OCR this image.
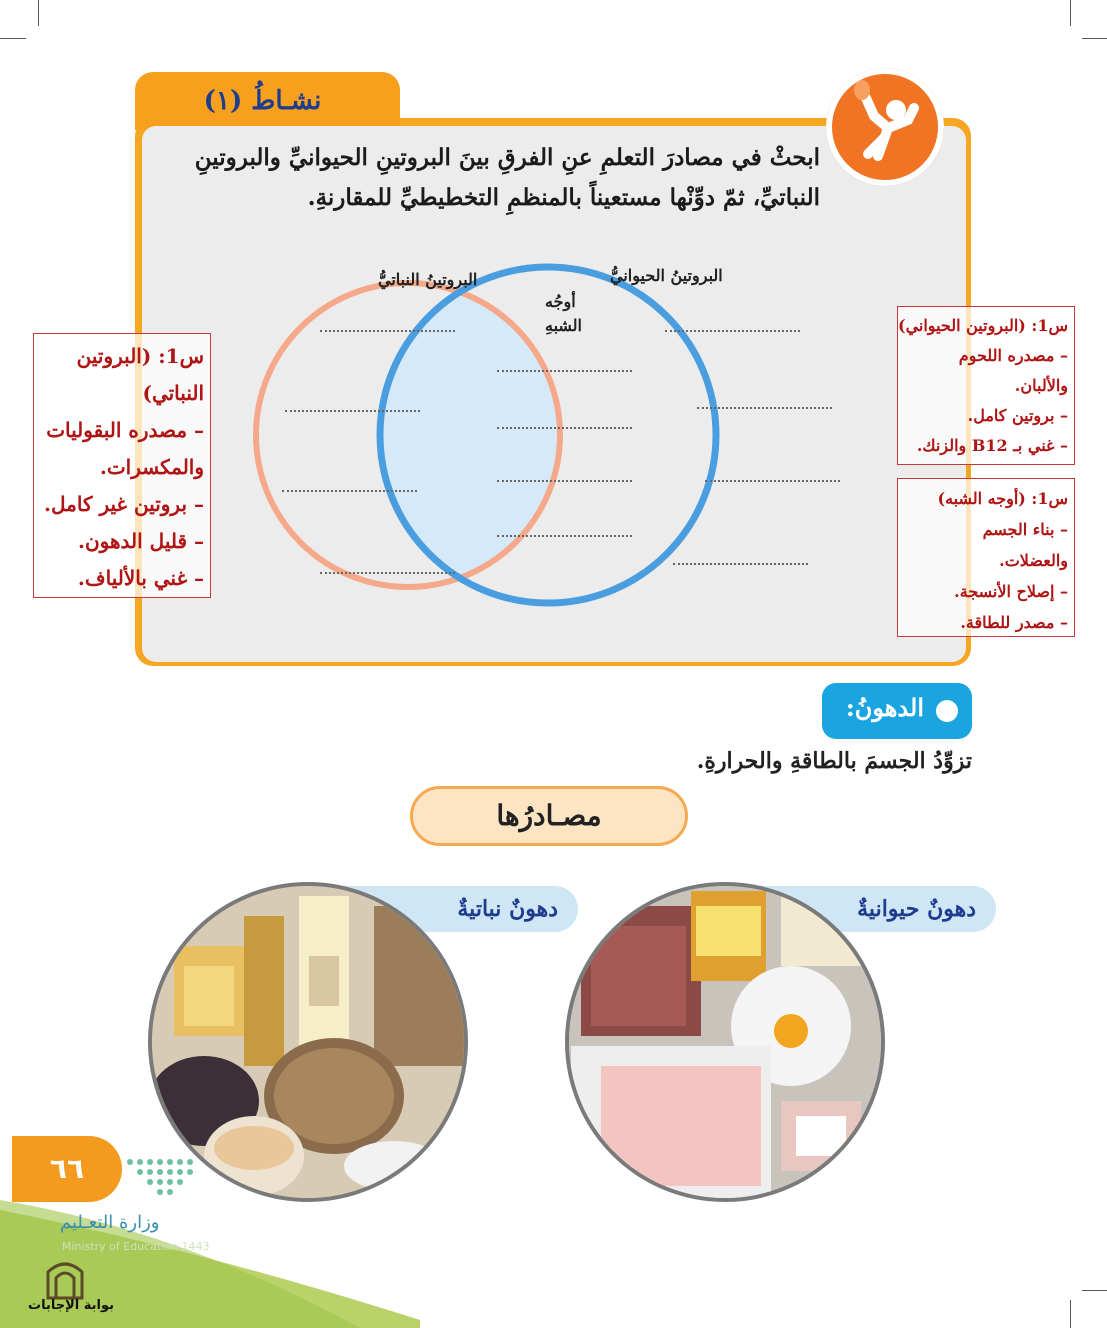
نشـاطُ (١)
ابحثْ في مصادرَ التعلمِ عنِ الفرقِ بينَ البروتينِ الحيوانيِّ والبروتينِ
النباتيِّ، ثمّ دوِّنْها مستعيناً بالمنظمِ التخطيطيِّ للمقارنةِ.
البروتينُ النباتيُّ	البروتينُ الحيوانيُّ
أوجُه
الشبهِ
س1: (البروتين
النباتي)
– مصدره البقوليات
والمكسرات.
– بروتين غير كامل.
– قليل الدهون.
– غني بالألياف.
س1: (البروتين الحيواني)
– مصدره اللحوم
والألبان.
– بروتين كامل.
– غني بـ B12 والزنك.
س1: (أوجه الشبه)
– بناء الجسم
والعضلات.
– إصلاح الأنسجة.
– مصدر للطاقة.
الدهونُ:
تزوِّدُ الجسمَ بالطاقةِ والحرارةِ.
مصـادرُها
دهونٌ حيوانيةٌ
دهونٌ نباتيةٌ
٦٦
وزارة التعـليم
Ministry of Education 1443
بوابة الإجابات
